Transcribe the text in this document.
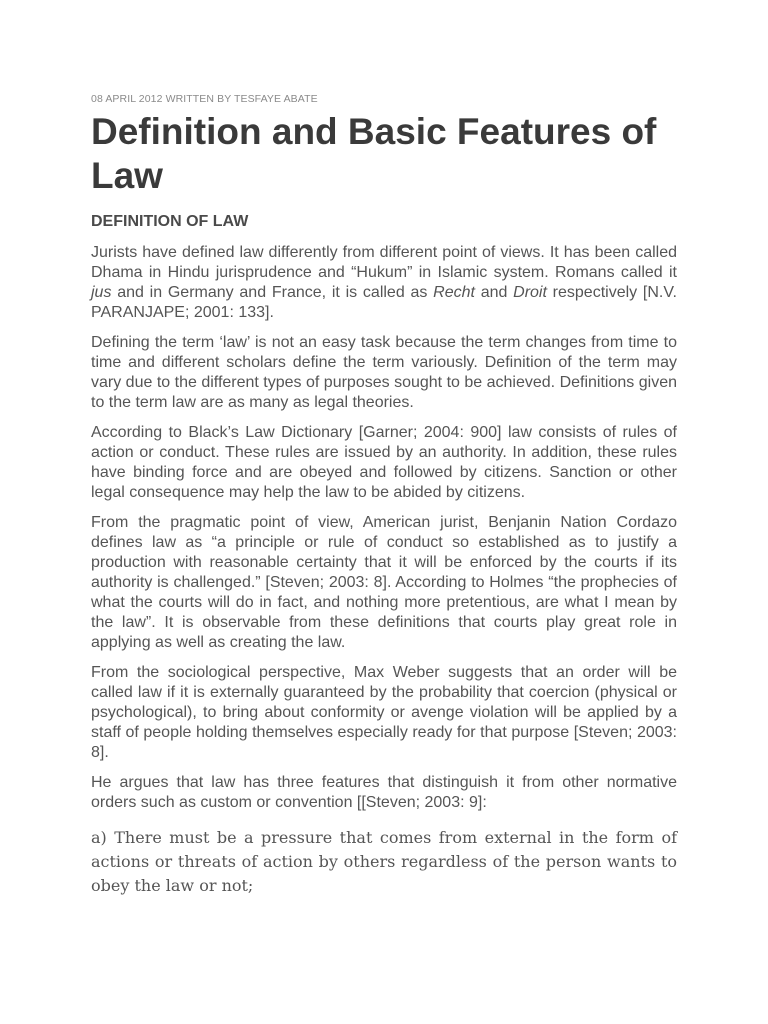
08 APRIL 2012 WRITTEN BY TESFAYE ABATE
Definition and Basic Features of Law
DEFINITION OF LAW

Jurists have defined law differently from different point of views. It has been called Dhama in Hindu jurisprudence and “Hukum” in Islamic system. Romans called it jus and in Germany and France, it is called as Recht and Droit respectively [N.V. PARANJAPE; 2001: 133].

Defining the term ‘law’ is not an easy task because the term changes from time to time and different scholars define the term variously. Definition of the term may vary due to the different types of purposes sought to be achieved. Definitions given to the term law are as many as legal theories.

According to Black’s Law Dictionary [Garner; 2004: 900] law consists of rules of action or conduct. These rules are issued by an authority. In addition, these rules have binding force and are obeyed and followed by citizens. Sanction or other legal consequence may help the law to be abided by citizens.

From the pragmatic point of view, American jurist, Benjanin Nation Cordazo defines law as “a principle or rule of conduct so established as to justify a production with reasonable certainty that it will be enforced by the courts if its authority is challenged.” [Steven; 2003: 8]. According to Holmes “the prophecies of what the courts will do in fact, and nothing more pretentious, are what I mean by the law”. It is observable from these definitions that courts play great role in applying as well as creating the law.

From the sociological perspective, Max Weber suggests that an order will be called law if it is externally guaranteed by the probability that coercion (physical or psychological), to bring about conformity or avenge violation will be applied by a staff of people holding themselves especially ready for that purpose [Steven; 2003: 8].

He argues that law has three features that distinguish it from other normative orders such as custom or convention [[Steven; 2003: 9]:

a) There must be a pressure that comes from external in the form of actions or threats of action by others regardless of the person wants to obey the law or not;
